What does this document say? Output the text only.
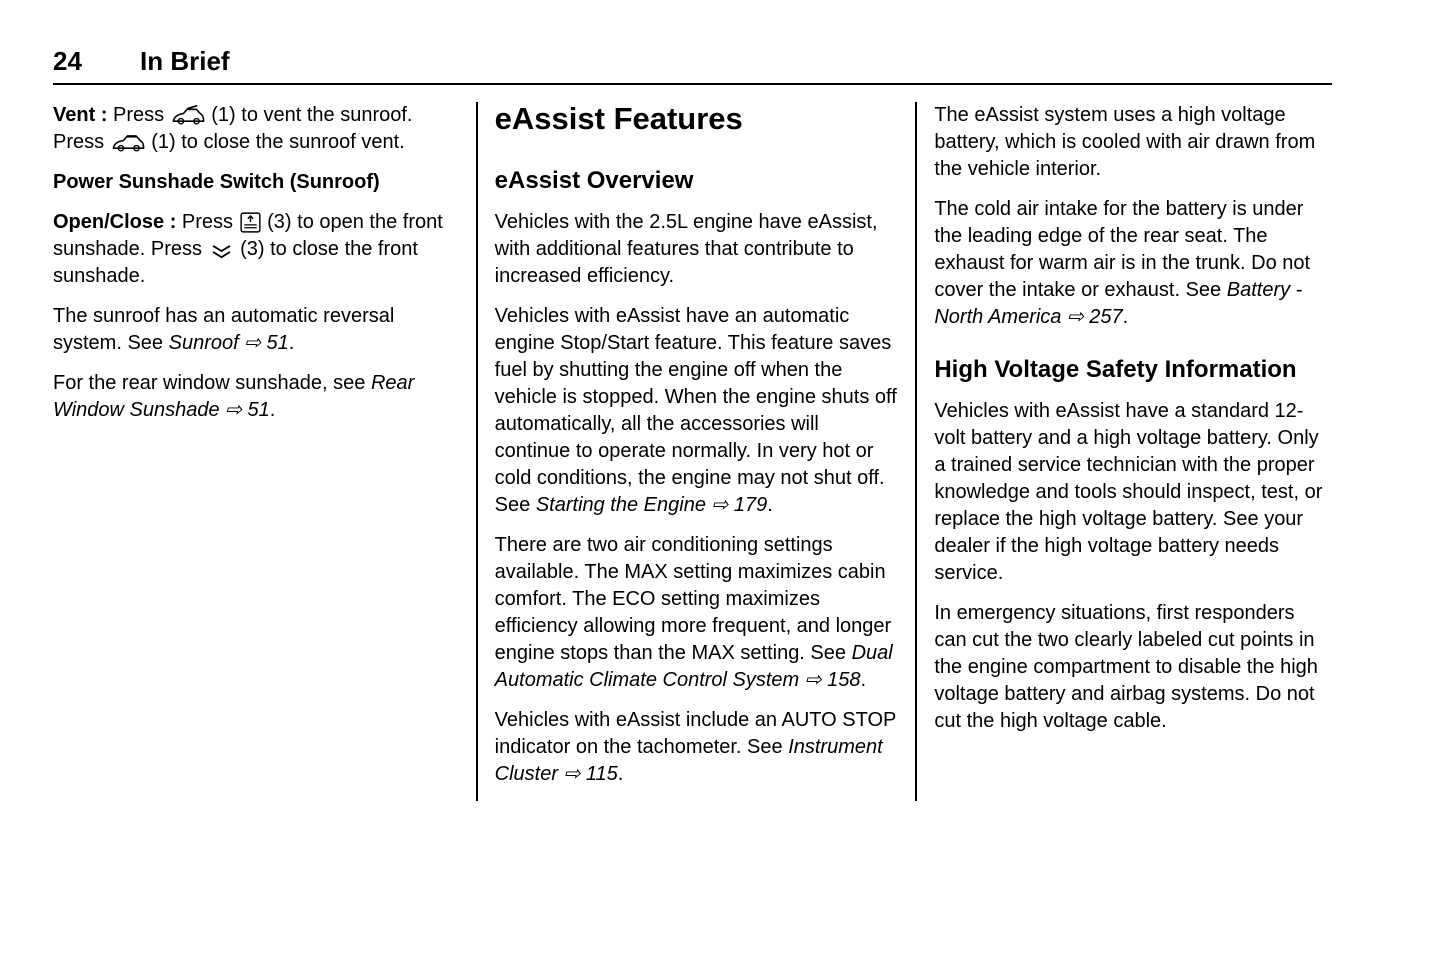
24	In Brief

Vent : Press  (1) to vent the sunroof. Press  (1) to close the sunroof vent.

Power Sunshade Switch (Sunroof)

Open/Close : Press  (3) to open the front sunshade. Press  (3) to close the front sunshade.

The sunroof has an automatic reversal system. See Sunroof ⇨ 51.

For the rear window sunshade, see Rear Window Sunshade ⇨ 51.

eAssist Features
eAssist Overview

Vehicles with the 2.5L engine have eAssist, with additional features that contribute to increased efficiency.

Vehicles with eAssist have an automatic engine Stop/Start feature. This feature saves fuel by shutting the engine off when the vehicle is stopped. When the engine shuts off automatically, all the accessories will continue to operate normally. In very hot or cold conditions, the engine may not shut off. See Starting the Engine ⇨ 179.

There are two air conditioning settings available. The MAX setting maximizes cabin comfort. The ECO setting maximizes efficiency allowing more frequent, and longer engine stops than the MAX setting. See Dual Automatic Climate Control System ⇨ 158.

Vehicles with eAssist include an AUTO STOP indicator on the tachometer. See Instrument Cluster ⇨ 115.

The eAssist system uses a high voltage battery, which is cooled with air drawn from the vehicle interior.

The cold air intake for the battery is under the leading edge of the rear seat. The exhaust for warm air is in the trunk. Do not cover the intake or exhaust. See Battery - North America ⇨ 257.

High Voltage Safety Information

Vehicles with eAssist have a standard 12-volt battery and a high voltage battery. Only a trained service technician with the proper knowledge and tools should inspect, test, or replace the high voltage battery. See your dealer if the high voltage battery needs service.

In emergency situations, first responders can cut the two clearly labeled cut points in the engine compartment to disable the high voltage battery and airbag systems. Do not cut the high voltage cable.
